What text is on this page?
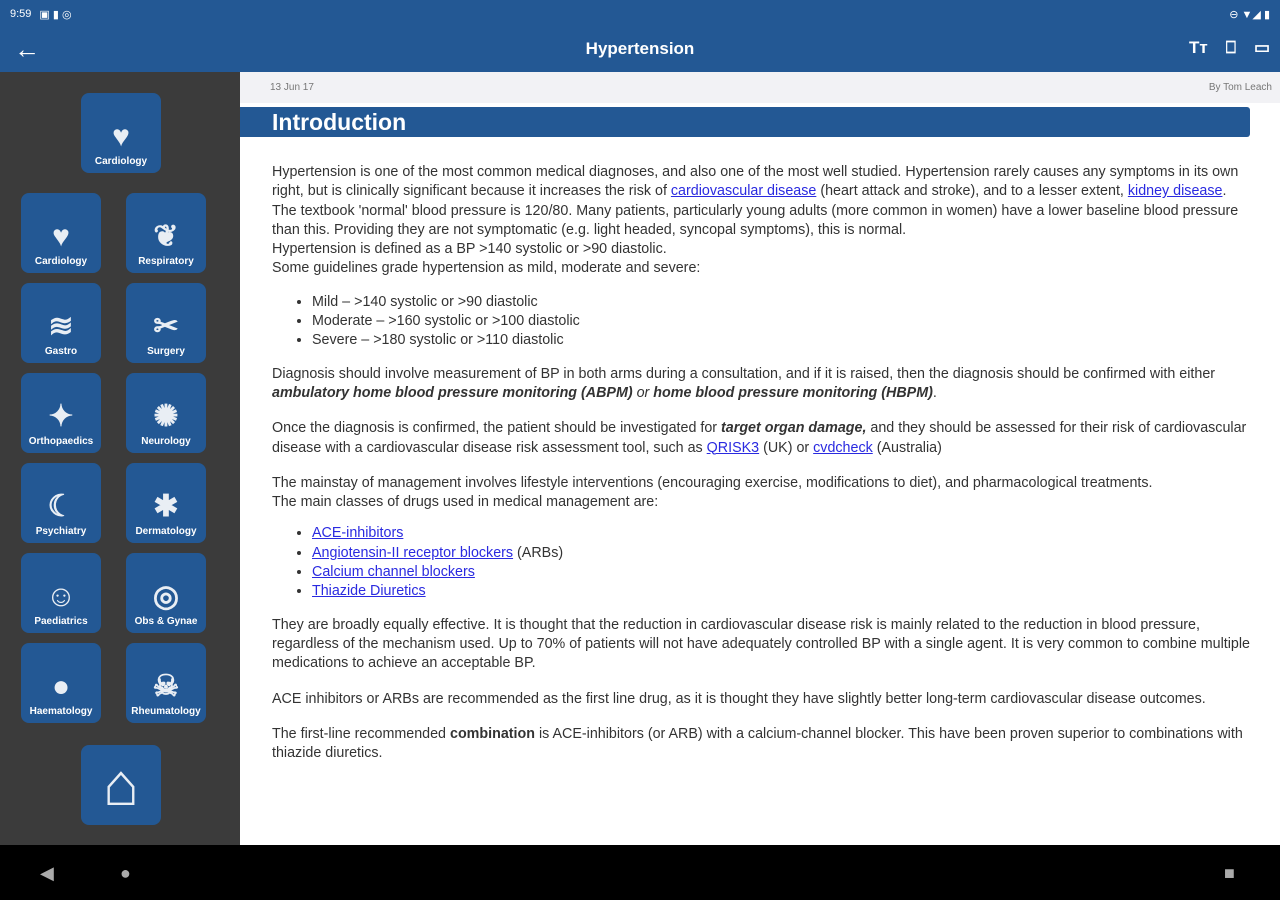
9:59 ▣ ▮ ◎	⊖ ▼◢ ▮
←	Hypertension	Tт ⎕ ▭
♥
Cardiology
♥
Cardiology
❦
Respiratory
≋
Gastro
✂
Surgery
✦
Orthopaedics
✺
Neurology
☾
Psychiatry
✱
Dermatology
☺
Paediatrics
◎
Obs & Gynae
●
Haematology
☠
Rheumatology
⌂
13 Jun 17	By Tom Leach
Introduction

Hypertension is one of the most common medical diagnoses, and also one of the most well studied. Hypertension rarely causes any symptoms in its own right, but is clinically significant because it increases the risk of cardiovascular disease (heart attack and stroke), and to a lesser extent, kidney disease.
The textbook 'normal' blood pressure is 120/80. Many patients, particularly young adults (more common in women) have a lower baseline blood pressure than this. Providing they are not symptomatic (e.g. light headed, syncopal symptoms), this is normal.
Hypertension is defined as a BP >140 systolic or >90 diastolic.
Some guidelines grade hypertension as mild, moderate and severe:

• Mild – >140 systolic or >90 diastolic
• Moderate – >160 systolic or >100 diastolic
• Severe – >180 systolic or >110 diastolic

Diagnosis should involve measurement of BP in both arms during a consultation, and if it is raised, then the diagnosis should be confirmed with either ambulatory home blood pressure monitoring (ABPM) or home blood pressure monitoring (HBPM).

Once the diagnosis is confirmed, the patient should be investigated for target organ damage, and they should be assessed for their risk of cardiovascular disease with a cardiovascular disease risk assessment tool, such as QRISK3 (UK) or cvdcheck (Australia)

The mainstay of management involves lifestyle interventions (encouraging exercise, modifications to diet), and pharmacological treatments.
The main classes of drugs used in medical management are:

• ACE-inhibitors
• Angiotensin-II receptor blockers (ARBs)
• Calcium channel blockers
• Thiazide Diuretics

They are broadly equally effective. It is thought that the reduction in cardiovascular disease risk is mainly related to the reduction in blood pressure, regardless of the mechanism used. Up to 70% of patients will not have adequately controlled BP with a single agent. It is very common to combine multiple medications to achieve an acceptable BP.

ACE inhibitors or ARBs are recommended as the first line drug, as it is thought they have slightly better long-term cardiovascular disease outcomes.

The first-line recommended combination is ACE-inhibitors (or ARB) with a calcium-channel blocker. This have been proven superior to combinations with thiazide diuretics.

◀	●	■
